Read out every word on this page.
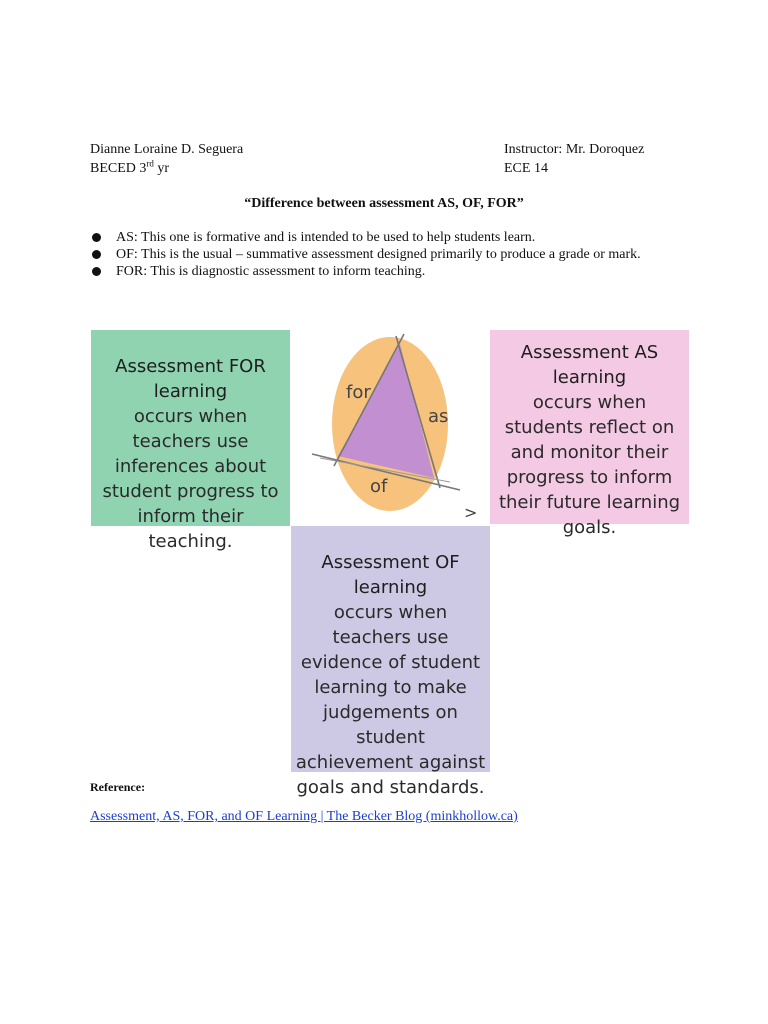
Dianne Loraine D. Seguera
BECED 3rd yr
Instructor: Mr. Doroquez
ECE 14
“Difference between assessment AS, OF, FOR”
AS: This one is formative and is intended to be used to help students learn.
OF: This is the usual – summative assessment designed primarily to produce a grade or mark.
FOR: This is diagnostic assessment to inform teaching.
Assessment FOR learning
occurs when teachers use inferences about student progress to inform their teaching.
Assessment AS learning
occurs when students reflect on and monitor their progress to inform their future learning goals.
Assessment OF learning
occurs when teachers use evidence of student learning to make judgements on student achievement against goals and standards.
for
as
of
>
Reference:
Assessment, AS, FOR, and OF Learning | The Becker Blog (minkhollow.ca)
